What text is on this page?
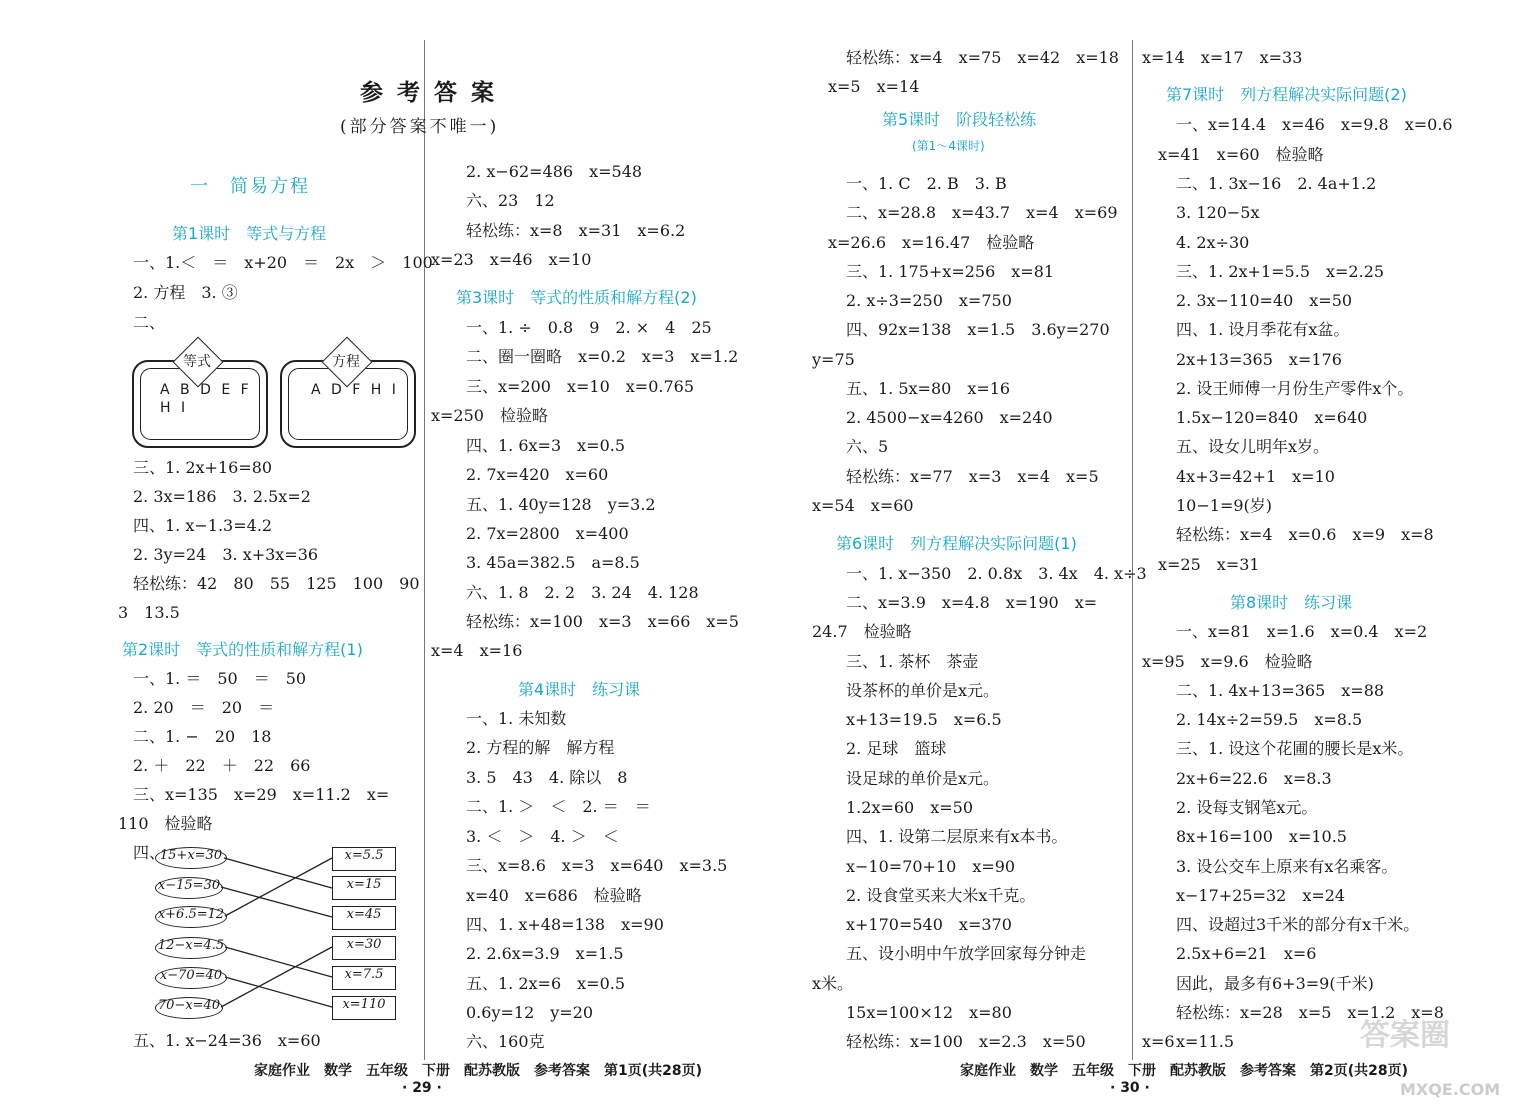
参考答案
(部分答案不唯一)
一　简易方程
第1课时　等式与方程
一、1.＜　＝　x+20　＝　2x　＞　100
2. 方程　3. ③
二、
等式
A B D E F
H I
方程
A D F H I
三、1. 2x+16=80
2. 3x=186　3. 2.5x=2
四、1. x−1.3=4.2
2. 3y=24　3. x+3x=36
轻松练：42　80　55　125　100　90
3　13.5
第2课时　等式的性质和解方程(1)
一、1. ＝　50　＝　50
2. 20　＝　20　＝
二、1. −　20　18
2. ＋　22　＋　22　66
三、x=135　x=29　x=11.2　x=
110　检验略
四、
15+x=30
x−15=30
x+6.5=12
12−x=4.5
x−70=40
70−x=40
x=5.5
x=15
x=45
x=30
x=7.5
x=110
五、1. x−24=36　x=60
2. x−62=486　x=548
六、23　12
轻松练：x=8　x=31　x=6.2
x=23　x=46　x=10
第3课时　等式的性质和解方程(2)
一、1. ÷　0.8　9　2. ×　4　25
二、圈一圈略　x=0.2　x=3　x=1.2
三、x=200　x=10　x=0.765
x=250　检验略
四、1. 6x=3　x=0.5
2. 7x=420　x=60
五、1. 40y=128　y=3.2
2. 7x=2800　x=400
3. 45a=382.5　a=8.5
六、1. 8　2. 2　3. 24　4. 128
轻松练：x=100　x=3　x=66　x=5
x=4　x=16
第4课时　练习课
一、1. 未知数
2. 方程的解　解方程
3. 5　43　4. 除以　8
二、1. ＞　＜　2. ＝　＝
3. ＜　＞　4. ＞　＜
三、x=8.6　x=3　x=640　x=3.5
x=40　x=686　检验略
四、1. x+48=138　x=90
2. 2.6x=3.9　x=1.5
五、1. 2x=6　x=0.5
0.6y=12　y=20
六、160克
轻松练：x=4　x=75　x=42　x=18
x=5　x=14
第5课时　阶段轻松练
(第1～4课时)
一、1. C　2. B　3. B
二、x=28.8　x=43.7　x=4　x=69
x=26.6　x=16.47　检验略
三、1. 175+x=256　x=81
2. x÷3=250　x=750
四、92x=138　x=1.5　3.6y=270
y=75
五、1. 5x=80　x=16
2. 4500−x=4260　x=240
六、5
轻松练：x=77　x=3　x=4　x=5
x=54　x=60
第6课时　列方程解决实际问题(1)
一、1. x−350　2. 0.8x　3. 4x　4. x÷3
二、x=3.9　x=4.8　x=190　x=
24.7　检验略
三、1. 茶杯　茶壶
设茶杯的单价是x元。
x+13=19.5　x=6.5
2. 足球　篮球
设足球的单价是x元。
1.2x=60　x=50
四、1. 设第二层原来有x本书。
x−10=70+10　x=90
2. 设食堂买来大米x千克。
x+170=540　x=370
五、设小明中午放学回家每分钟走
x米。
15x=100×12　x=80
轻松练：x=100　x=2.3　x=50
x=14　x=17　x=33
第7课时　列方程解决实际问题(2)
一、x=14.4　x=46　x=9.8　x=0.6
x=41　x=60　检验略
二、1. 3x−16　2. 4a+1.2
3. 120−5x
4. 2x÷30
三、1. 2x+1=5.5　x=2.25
2. 3x−110=40　x=50
四、1. 设月季花有x盆。
2x+13=365　x=176
2. 设王师傅一月份生产零件x个。
1.5x−120=840　x=640
五、设女儿明年x岁。
4x+3=42+1　x=10
10−1=9(岁)
轻松练：x=4　x=0.6　x=9　x=8
x=25　x=31
第8课时　练习课
一、x=81　x=1.6　x=0.4　x=2
x=95　x=9.6　检验略
二、1. 4x+13=365　x=88
2. 14x÷2=59.5　x=8.5
三、1. 设这个花圃的腰长是x米。
2x+6=22.6　x=8.3
2. 设每支钢笔x元。
8x+16=100　x=10.5
3. 设公交车上原来有x名乘客。
x−17+25=32　x=24
四、设超过3千米的部分有x千米。
2.5x+6=21　x=6
因此，最多有6+3=9(千米)
轻松练：x=28　x=5　x=1.2　x=8
x=11.5
x=6
家庭作业　数学　五年级　下册　配苏教版　参考答案　第1页(共28页)
· 29 ·
家庭作业　数学　五年级　下册　配苏教版　参考答案　第2页(共28页)
· 30 ·
答案圈
MXQE.COM
